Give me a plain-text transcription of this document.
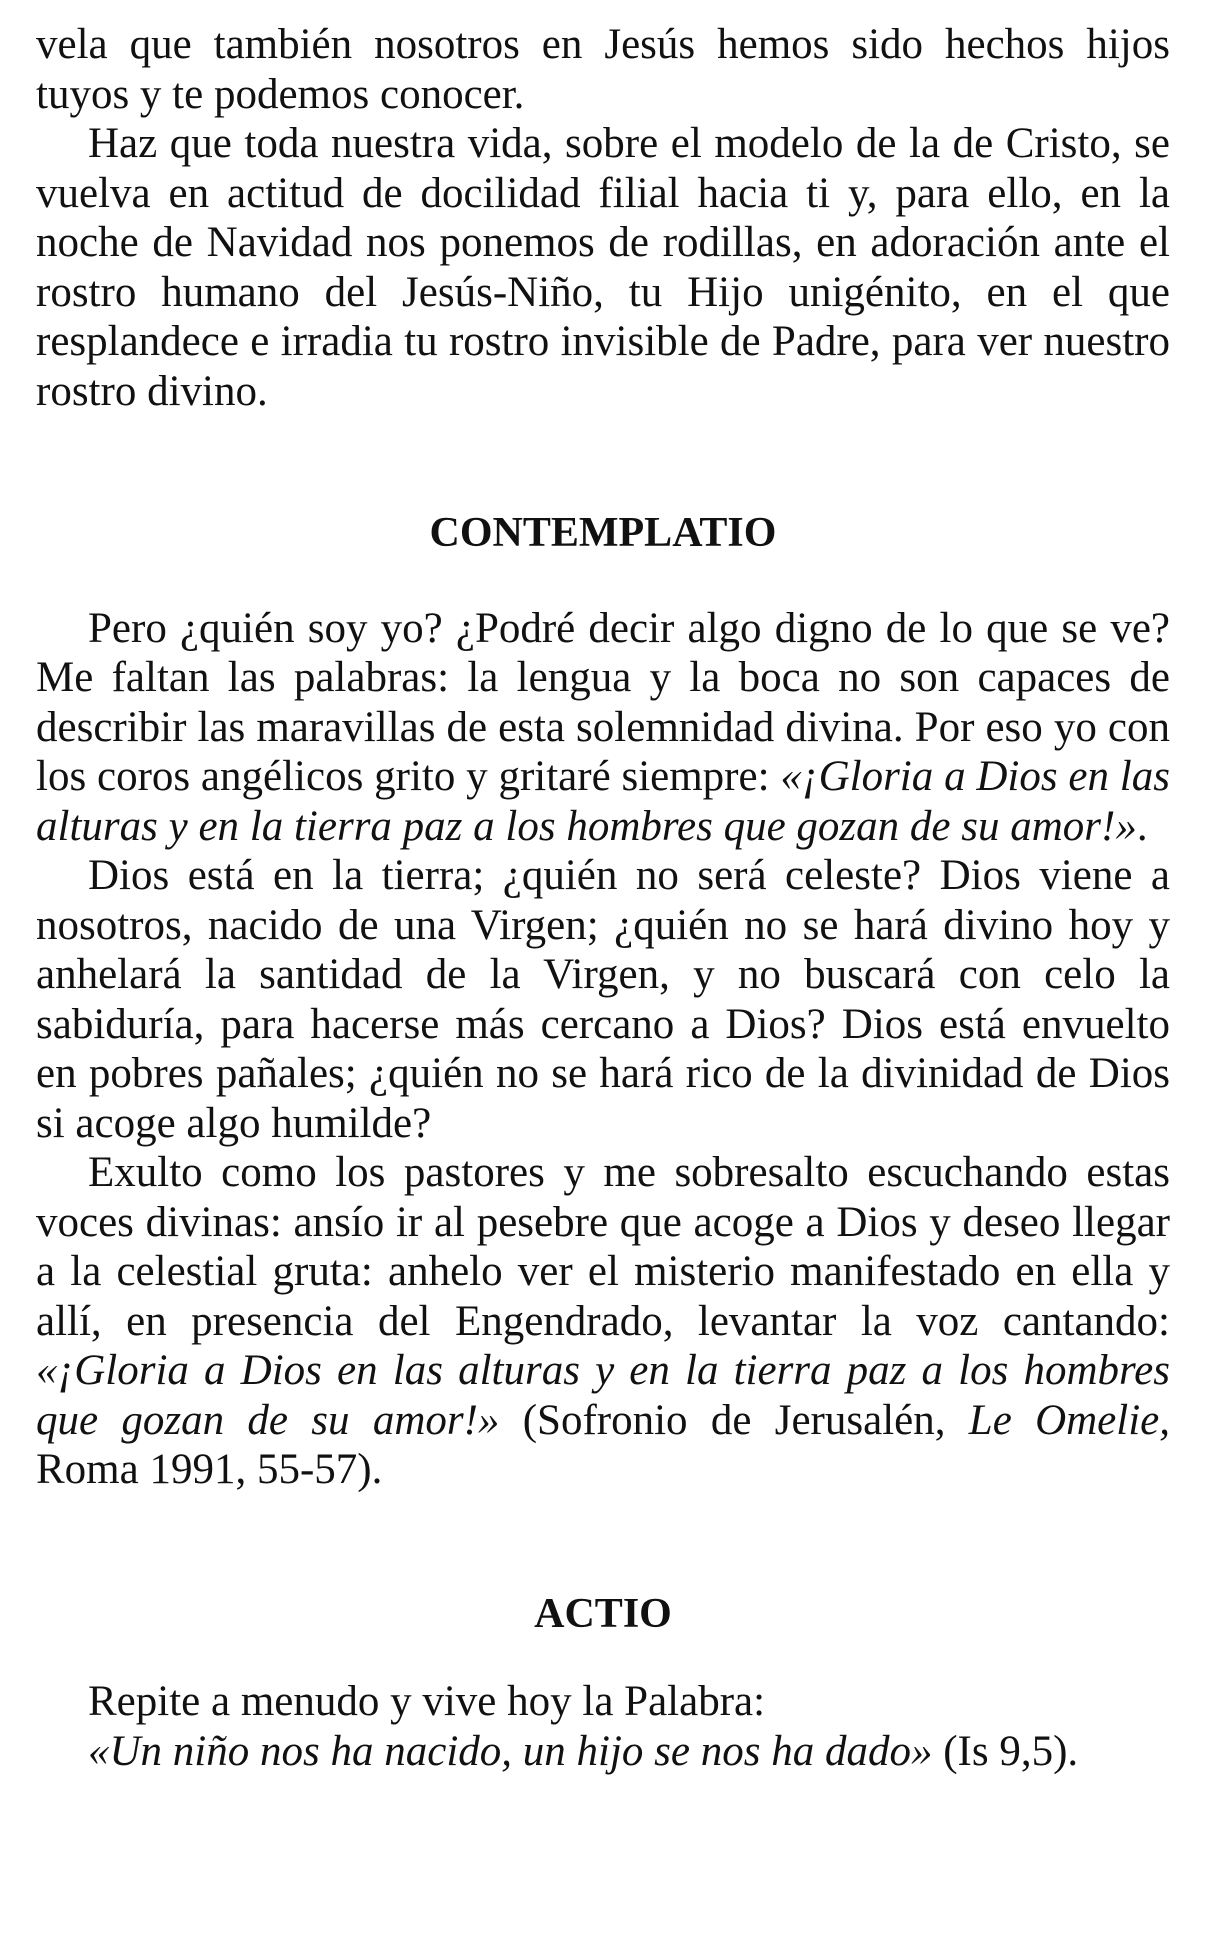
vela que también nosotros en Jesús hemos sido hechos hijos tuyos y te podemos conocer.

Haz que toda nuestra vida, sobre el modelo de la de Cristo, se vuelva en actitud de docilidad filial hacia ti y, para ello, en la noche de Navidad nos ponemos de rodillas, en adoración ante el rostro humano del Jesús-Niño, tu Hijo unigénito, en el que resplandece e irradia tu rostro invisible de Padre, para ver nuestro rostro divino.

CONTEMPLATIO

Pero ¿quién soy yo? ¿Podré decir algo digno de lo que se ve? Me faltan las palabras: la lengua y la boca no son capaces de describir las maravillas de esta solemnidad divina. Por eso yo con los coros angélicos grito y gritaré siempre: «¡Gloria a Dios en las alturas y en la tierra paz a los hombres que gozan de su amor!».

Dios está en la tierra; ¿quién no será celeste? Dios viene a nosotros, nacido de una Virgen; ¿quién no se hará divino hoy y anhelará la santidad de la Virgen, y no buscará con celo la sabiduría, para hacerse más cercano a Dios? Dios está envuelto en pobres pañales; ¿quién no se hará rico de la divinidad de Dios si acoge algo humilde?

Exulto como los pastores y me sobresalto escuchando estas voces divinas: ansío ir al pesebre que acoge a Dios y deseo llegar a la celestial gruta: anhelo ver el misterio manifestado en ella y allí, en presencia del Engendrado, levantar la voz cantando: «¡Gloria a Dios en las alturas y en la tierra paz a los hombres que gozan de su amor!» (Sofronio de Jerusalén, Le Omelie, Roma 1991, 55-57).

ACTIO

Repite a menudo y vive hoy la Palabra:

«Un niño nos ha nacido, un hijo se nos ha dado» (Is 9,5).
